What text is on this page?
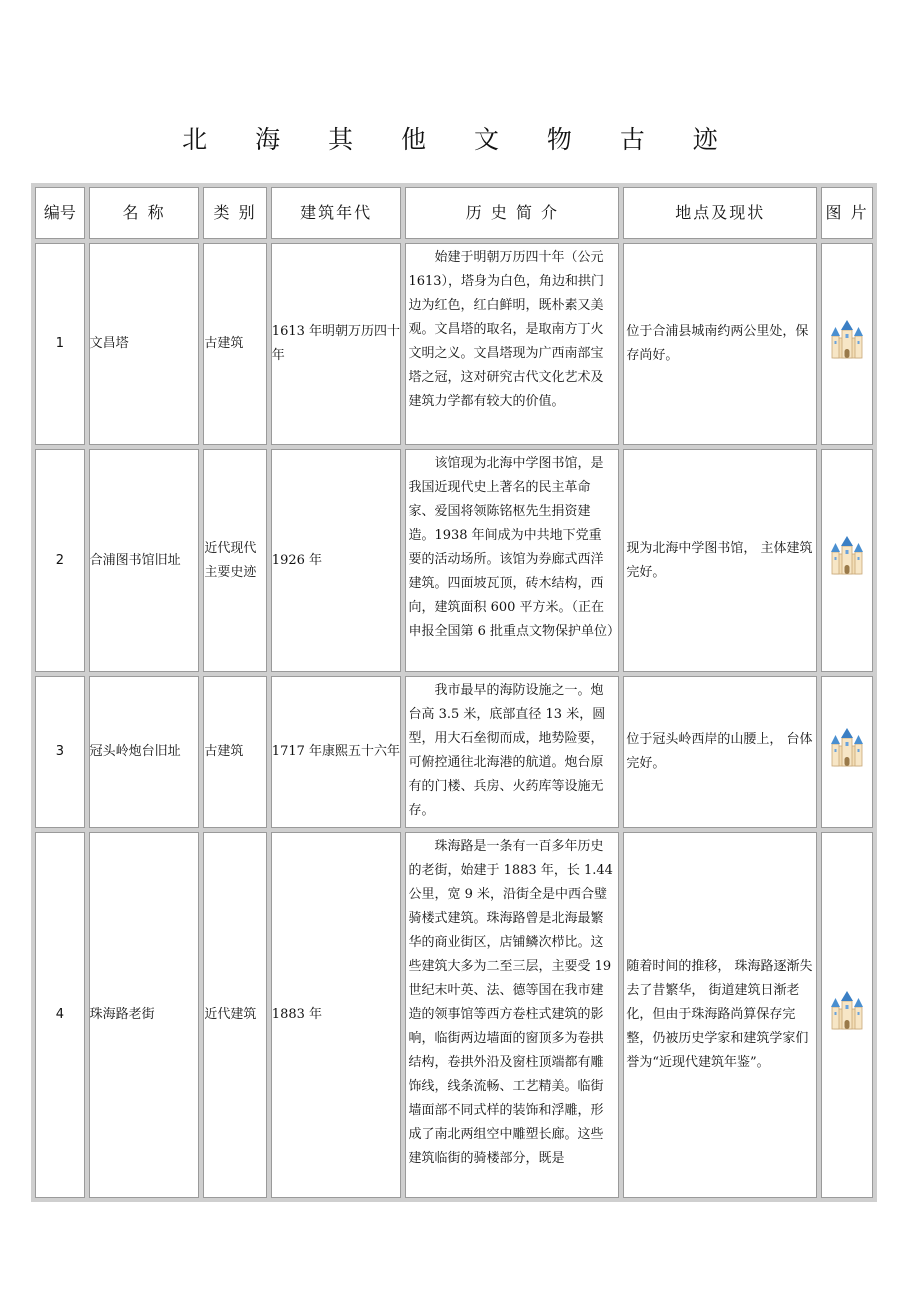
北 海 其 他 文 物 古 迹
编号	名 称	类 别	建筑年代	历 史 简 介	地点及现状	图 片
1	文昌塔	古建筑	1613 年明朝万历四十年	始建于明朝万历四十年（公元 1613），塔身为白色，角边和拱门边为红色，红白鲜明，既朴素又美观。文昌塔的取名，是取南方丁火文明之义。文昌塔现为广西南部宝塔之冠，这对研究古代文化艺术及建筑力学都有较大的价值。	位于合浦县城南约两公里处，保存尚好。	
2	合浦图书馆旧址	近代现代主要史迹	1926 年	该馆现为北海中学图书馆，是我国近现代史上著名的民主革命家、爱国将领陈铭枢先生捐资建造。1938 年间成为中共地下党重要的活动场所。该馆为券廊式西洋建筑。四面坡瓦顶，砖木结构，西向，建筑面积 600 平方米。（正在申报全国第 6 批重点文物保护单位）	现为北海中学图书馆， 主体建筑完好。	
3	冠头岭炮台旧址	古建筑	1717 年康熙五十六年	我市最早的海防设施之一。炮台高 3.5 米，底部直径 13 米，圆型，用大石垒彻而成，地势险要，可俯控通往北海港的航道。炮台原有的门楼、兵房、火药库等设施无存。	位于冠头岭西岸的山腰上， 台体完好。	
4	珠海路老街	近代建筑	1883 年	珠海路是一条有一百多年历史的老街，始建于 1883 年，长 1.44 公里，宽 9 米，沿街全是中西合璧骑楼式建筑。珠海路曾是北海最繁华的商业街区，店铺鳞次栉比。这些建筑大多为二至三层，主要受 19 世纪末叶英、法、德等国在我市建造的领事馆等西方卷柱式建筑的影响，临街两边墙面的窗顶多为卷拱结构，卷拱外沿及窗柱顶端都有雕饰线，线条流畅、工艺精美。临街墙面部不同式样的装饰和浮雕，形成了南北两组空中雕塑长廊。这些建筑临街的骑楼部分，既是	随着时间的推移， 珠海路逐渐失去了昔繁华， 街道建筑日渐老化，但由于珠海路尚算保存完整，仍被历史学家和建筑学家们誉为“近现代建筑年鉴”。	
